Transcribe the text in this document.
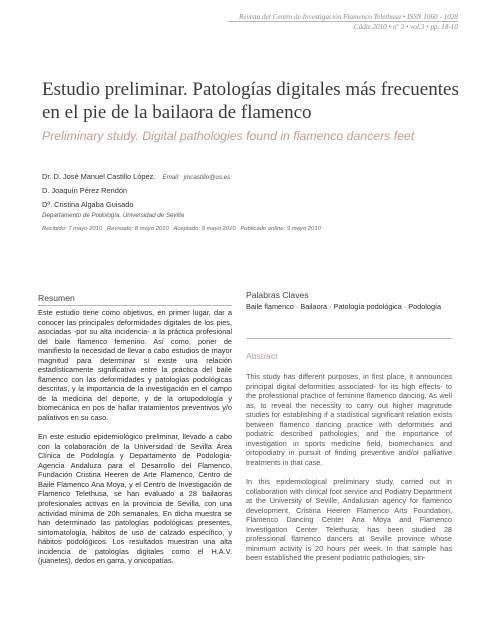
Revista del Centro de Investigación Flamenco Telethusa • ISSN 1060 - 1028
Cádiz 2010 • nº 3 • vol.3 • pp. 18-10
Estudio preliminar. Patologías digitales más frecuentes en el pie de la bailaora de flamenco
Preliminary study. Digital pathologies found in flamenco dancers feet
Dr. D. José Manuel Castillo López. Email: jmcastillo@us.es
D. Joaquín Pérez Rendón
Dª. Cristina Algaba Guisado
Departamento de Podología. Universidad de Sevilla
Recibido: 7 mayo 2010 Revisado: 8 mayo 2010 Aceptado: 9 mayo 2010 Publicado online: 9 mayo 2010
Resumen

Este estudio tiene como objetivos, en primer lugar, dar a conocer las principales deformidades digitales de los pies, asociadas -por su alta incidencia- a la práctica profesional del baile flamenco femenino. Así como, poner de manifiesto la necesidad de llevar a cabo estudios de mayor magnitud para determinar si existe una relación estadísticamente significativa entre la práctica del baile flamenco con las deformidades y patologías podológicas descritas, y la importancia de la investigación en el campo de la medicina del deporte, y de la ortopodología y biomecánica en pos de hallar tratamientos preventivos y/o paliativos en su caso.

En este estudio epidemiológico preliminar, llevado a cabo con la colaboración de la Universidad de Sevilla Área Clínica de Podología y Departamento de Podología- Agencia Andaluza para el Desarrollo del Flamenco, Fundación Cristina Heeren de Arte Flamenco, Centro de Baile Flamenco Ana Moya, y el Centro de Investigación de Flamenco Telethusa, se han evaluado a 28 bailaoras profesionales activas en la provincia de Sevilla, con una actividad mínima de 20h semanales. En dicha muestra se han determinado las patologías podológicas presentes, sintomatología, hábitos de uso de calzado específico, y hábitos podológicos. Los resultados muestran una alta incidencia de patologías digitales como el H.A.V. (juanetes), dedos en garra, y onicopatías.

Palabras Claves
Baile flamenco · Bailaora · Patología podológica · Podología
Abstract

This study has different purposes, in first place, it announces principal digital deformities associated- for its high effects- to the professional practice of feminine flamenco dancing. As well as, to reveal the necessity to carry out higher magnitude studies for establishing if a stadistical significant relation exists between flamenco dancing practice with deformities and podiatric described pathologies, and the importance of investigation in sports medicine field, biomechanics and ortopodiatry in pursuit of finding preventive and/or palliative treatments in that case.

In this epidemiological preliminary study, carried out in collaboration with clinical foot service and Podiatry Department at the University of Seville, Andalusian agency for flamenco development, Cristina Heeren Flamenco Arts Foundation, Flamenco Dancing Center Ana Moya and Flamenco Investigation Center Telethusa; has been studied 28 professional flamenco dancers at Seville province whose minimum activity is 20 hours per week. In that sample has been established the present podiatric pathologies, sin-
